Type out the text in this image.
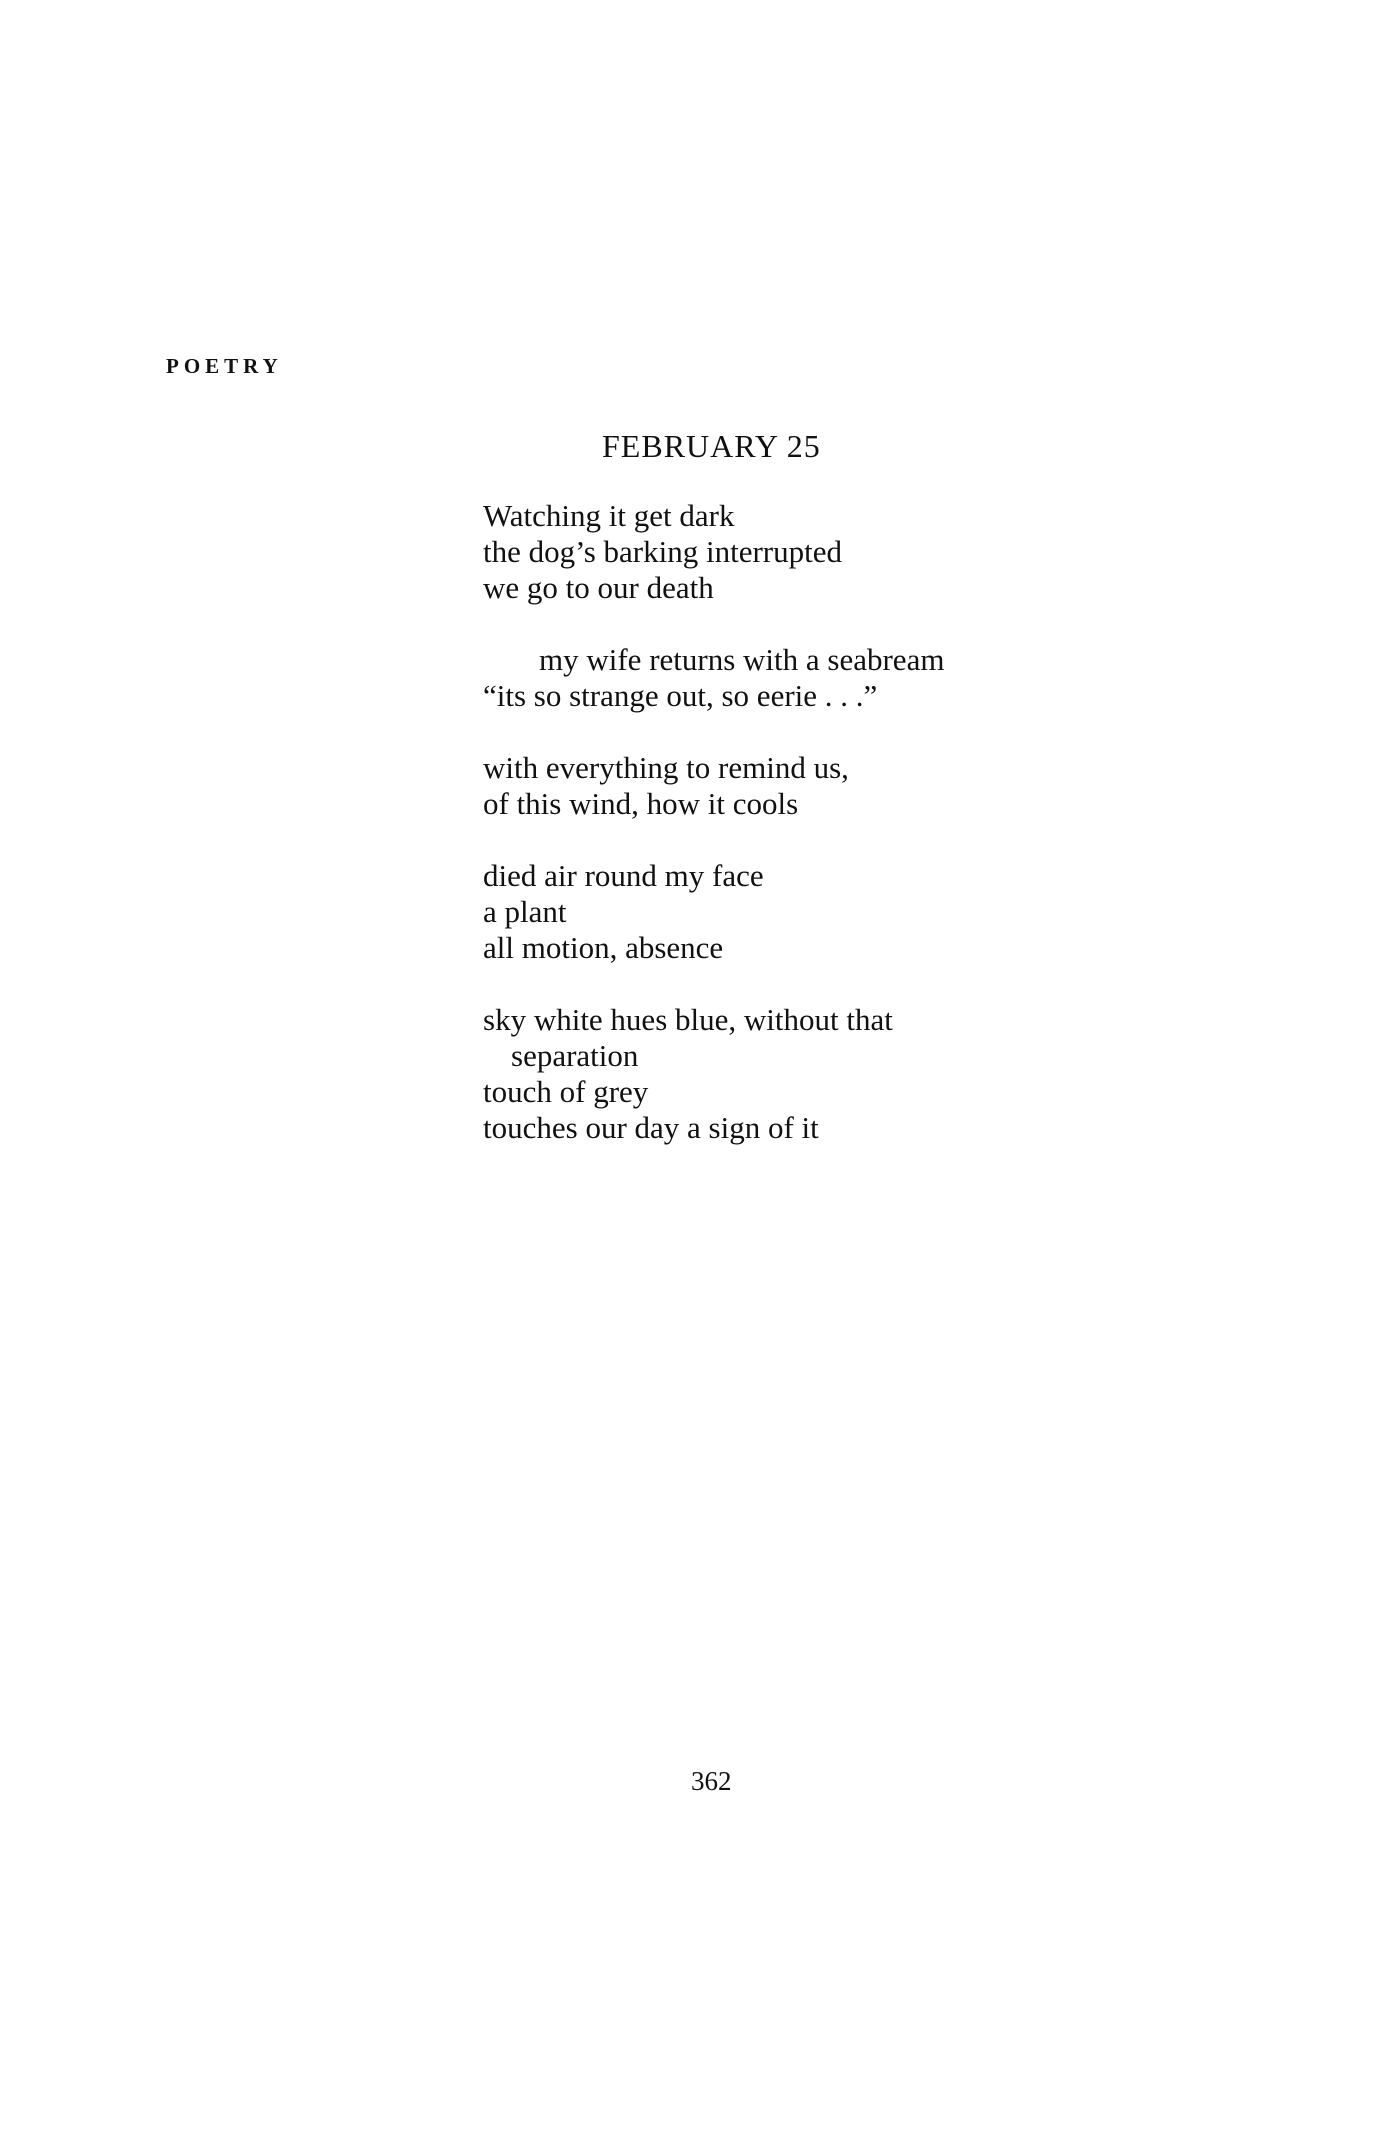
POETRY

FEBRUARY 25
Watching it get dark
the dog’s barking interrupted
we go to our death
my wife returns with a seabream
“its so strange out, so eerie . . .”
with everything to remind us,
of this wind, how it cools
died air round my face
a plant
all motion, absence
sky white hues blue, without that
separation
touch of grey
touches our day a sign of it

362
